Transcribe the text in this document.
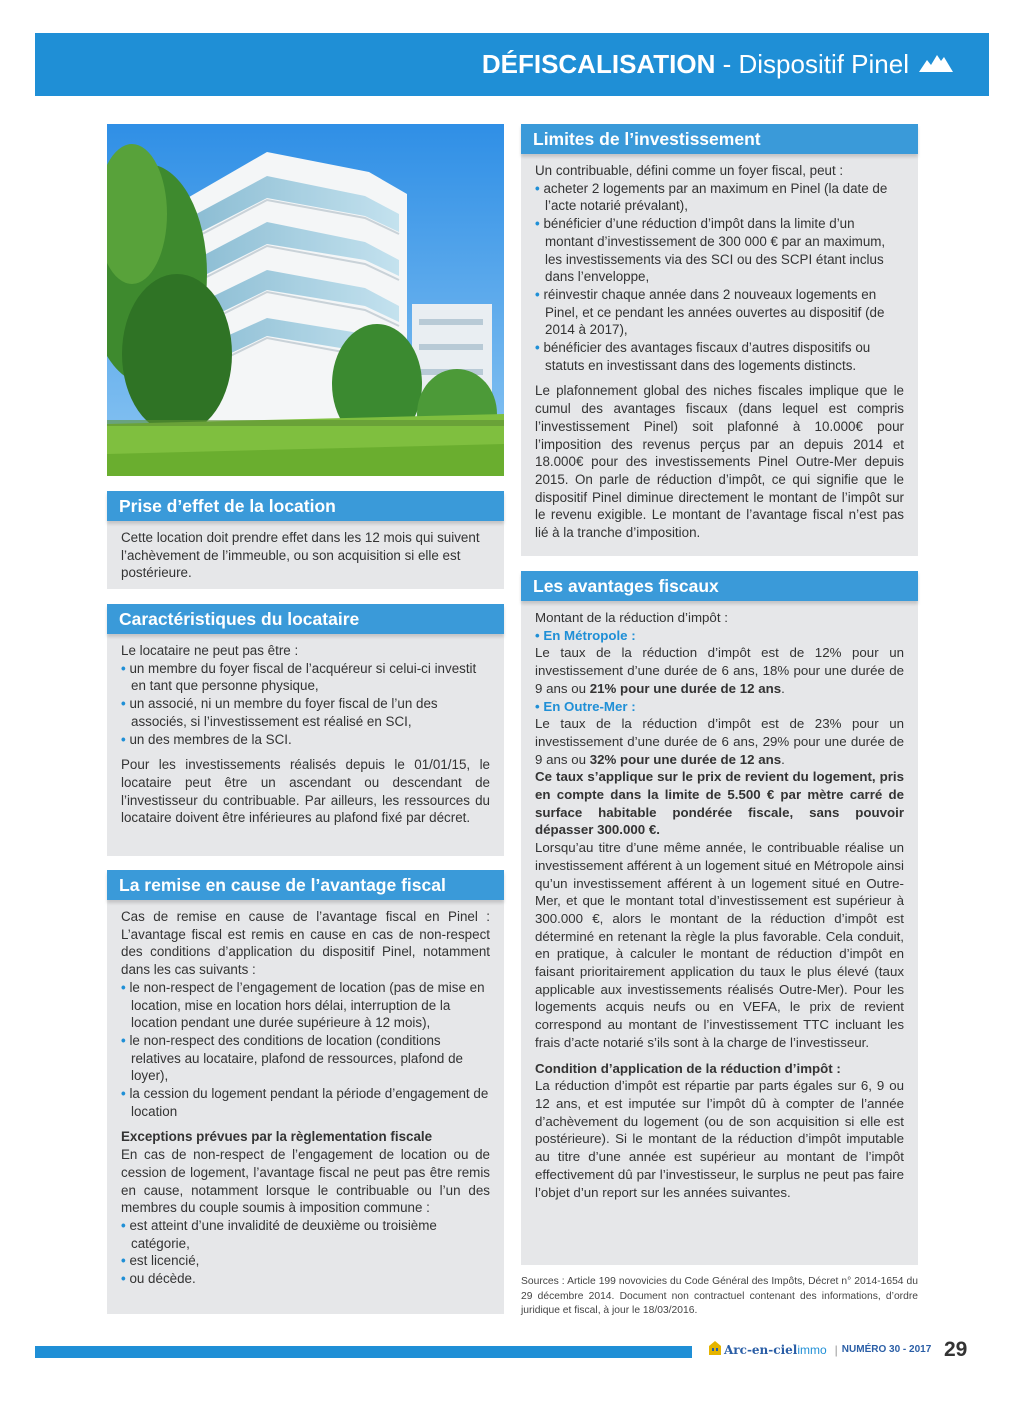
DÉFISCALISATION - Dispositif Pinel
Prise d’effet de la location

Cette location doit prendre effet dans les 12 mois qui suivent l’achèvement de l’immeuble, ou son acquisition si elle est postérieure.

Caractéristiques du locataire

Le locataire ne peut pas être :

• un membre du foyer fiscal de l’acquéreur si celui-ci investit en tant que personne physique,
• un associé, ni un membre du foyer fiscal de l’un des associés, si l’investissement est réalisé en SCI,
• un des membres de la SCI.

Pour les investissements réalisés depuis le 01/01/15, le locataire peut être un ascendant ou descendant de l’investisseur du contribuable. Par ailleurs, les ressources du locataire doivent être inférieures au plafond fixé par décret.

La remise en cause de l’avantage fiscal

Cas de remise en cause de l’avantage fiscal en Pinel : L’avantage fiscal est remis en cause en cas de non-respect des conditions d’application du dispositif Pinel, notamment dans les cas suivants :

• le non-respect de l’engagement de location (pas de mise en location, mise en location hors délai, interruption de la location pendant une durée supérieure à 12 mois),
• le non-respect des conditions de location (conditions relatives au locataire, plafond de ressources, plafond de loyer),
• la cession du logement pendant la période d’engagement de location

Exceptions prévues par la règlementation fiscale

En cas de non-respect de l’engagement de location ou de cession de logement, l’avantage fiscal ne peut pas être remis en cause, notamment lorsque le contribuable ou l’un des membres du couple soumis à imposition commune :

• est atteint d’une invalidité de deuxième ou troisième catégorie,
• est licencié,
• ou décède.
Limites de l’investissement

Un contribuable, défini comme un foyer fiscal, peut :

• acheter 2 logements par an maximum en Pinel (la date de l’acte notarié prévalant),
• bénéficier d’une réduction d’impôt dans la limite d’un montant d’investissement de 300 000 € par an maximum, les investissements via des SCI ou des SCPI étant inclus dans l’enveloppe,
• réinvestir chaque année dans 2 nouveaux logements en Pinel, et ce pendant les années ouvertes au dispositif (de 2014 à 2017),
• bénéficier des avantages fiscaux d’autres dispositifs ou statuts en investissant dans des logements distincts.

Le plafonnement global des niches fiscales implique que le cumul des avantages fiscaux (dans lequel est compris l’investissement Pinel) soit plafonné à 10.000€ pour l’imposition des revenus perçus par an depuis 2014 et 18.000€ pour des investissements Pinel Outre-Mer depuis 2015. On parle de réduction d’impôt, ce qui signifie que le dispositif Pinel diminue directement le montant de l’impôt sur le revenu exigible. Le montant de l’avantage fiscal n’est pas lié à la tranche d’imposition.

Les avantages fiscaux

Montant de la réduction d’impôt :

• En Métropole :

Le taux de la réduction d’impôt est de 12% pour un investissement d’une durée de 6 ans, 18% pour une durée de 9 ans ou 21% pour une durée de 12 ans.

• En Outre-Mer :

Le taux de la réduction d’impôt est de 23% pour un investissement d’une durée de 6 ans, 29% pour une durée de 9 ans ou 32% pour une durée de 12 ans.

Ce taux s’applique sur le prix de revient du logement, pris en compte dans la limite de 5.500 € par mètre carré de surface habitable pondérée fiscale, sans pouvoir dépasser 300.000 €.

Lorsqu’au titre d’une même année, le contribuable réalise un investissement afférent à un logement situé en Métropole ainsi qu’un investissement afférent à un logement situé en Outre-Mer, et que le montant total d’investissement est supérieur à 300.000 €, alors le montant de la réduction d’impôt est déterminé en retenant la règle la plus favorable. Cela conduit, en pratique, à calculer le montant de réduction d’impôt en faisant prioritairement application du taux le plus élevé (taux applicable aux investissements réalisés Outre-Mer). Pour les logements acquis neufs ou en VEFA, le prix de revient correspond au montant de l’investissement TTC incluant les frais d’acte notarié s’ils sont à la charge de l’investisseur.

Condition d’application de la réduction d’impôt :

La réduction d’impôt est répartie par parts égales sur 6, 9 ou 12 ans, et est imputée sur l’impôt dû à compter de l’année d’achèvement du logement (ou de son acquisition si elle est postérieure). Si le montant de la réduction d’impôt imputable au titre d’une année est supérieur au montant de l’impôt effectivement dû par l’investisseur, le surplus ne peut pas faire l’objet d’un report sur les années suivantes.

Sources : Article 199 novovicies du Code Général des Impôts, Décret n° 2014-1654 du 29 décembre 2014. Document non contractuel contenant des informations, d’ordre juridique et fiscal, à jour le 18/03/2016.
Arc-en-ciel immo | NUMÉRO 30 - 2017 29
